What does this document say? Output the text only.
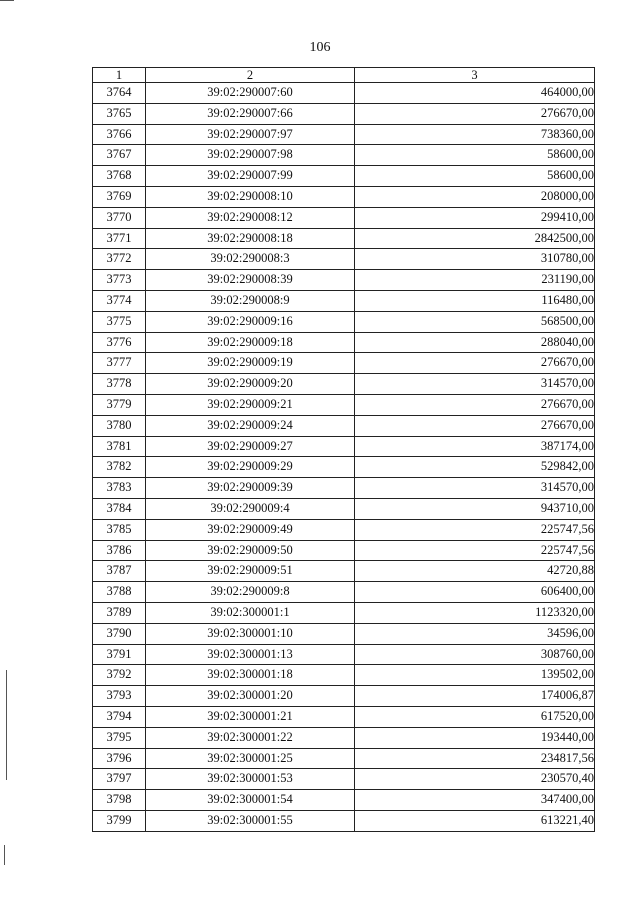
106
1	2	3
3764	39:02:290007:60	464000,00
3765	39:02:290007:66	276670,00
3766	39:02:290007:97	738360,00
3767	39:02:290007:98	58600,00
3768	39:02:290007:99	58600,00
3769	39:02:290008:10	208000,00
3770	39:02:290008:12	299410,00
3771	39:02:290008:18	2842500,00
3772	39:02:290008:3	310780,00
3773	39:02:290008:39	231190,00
3774	39:02:290008:9	116480,00
3775	39:02:290009:16	568500,00
3776	39:02:290009:18	288040,00
3777	39:02:290009:19	276670,00
3778	39:02:290009:20	314570,00
3779	39:02:290009:21	276670,00
3780	39:02:290009:24	276670,00
3781	39:02:290009:27	387174,00
3782	39:02:290009:29	529842,00
3783	39:02:290009:39	314570,00
3784	39:02:290009:4	943710,00
3785	39:02:290009:49	225747,56
3786	39:02:290009:50	225747,56
3787	39:02:290009:51	42720,88
3788	39:02:290009:8	606400,00
3789	39:02:300001:1	1123320,00
3790	39:02:300001:10	34596,00
3791	39:02:300001:13	308760,00
3792	39:02:300001:18	139502,00
3793	39:02:300001:20	174006,87
3794	39:02:300001:21	617520,00
3795	39:02:300001:22	193440,00
3796	39:02:300001:25	234817,56
3797	39:02:300001:53	230570,40
3798	39:02:300001:54	347400,00
3799	39:02:300001:55	613221,40
